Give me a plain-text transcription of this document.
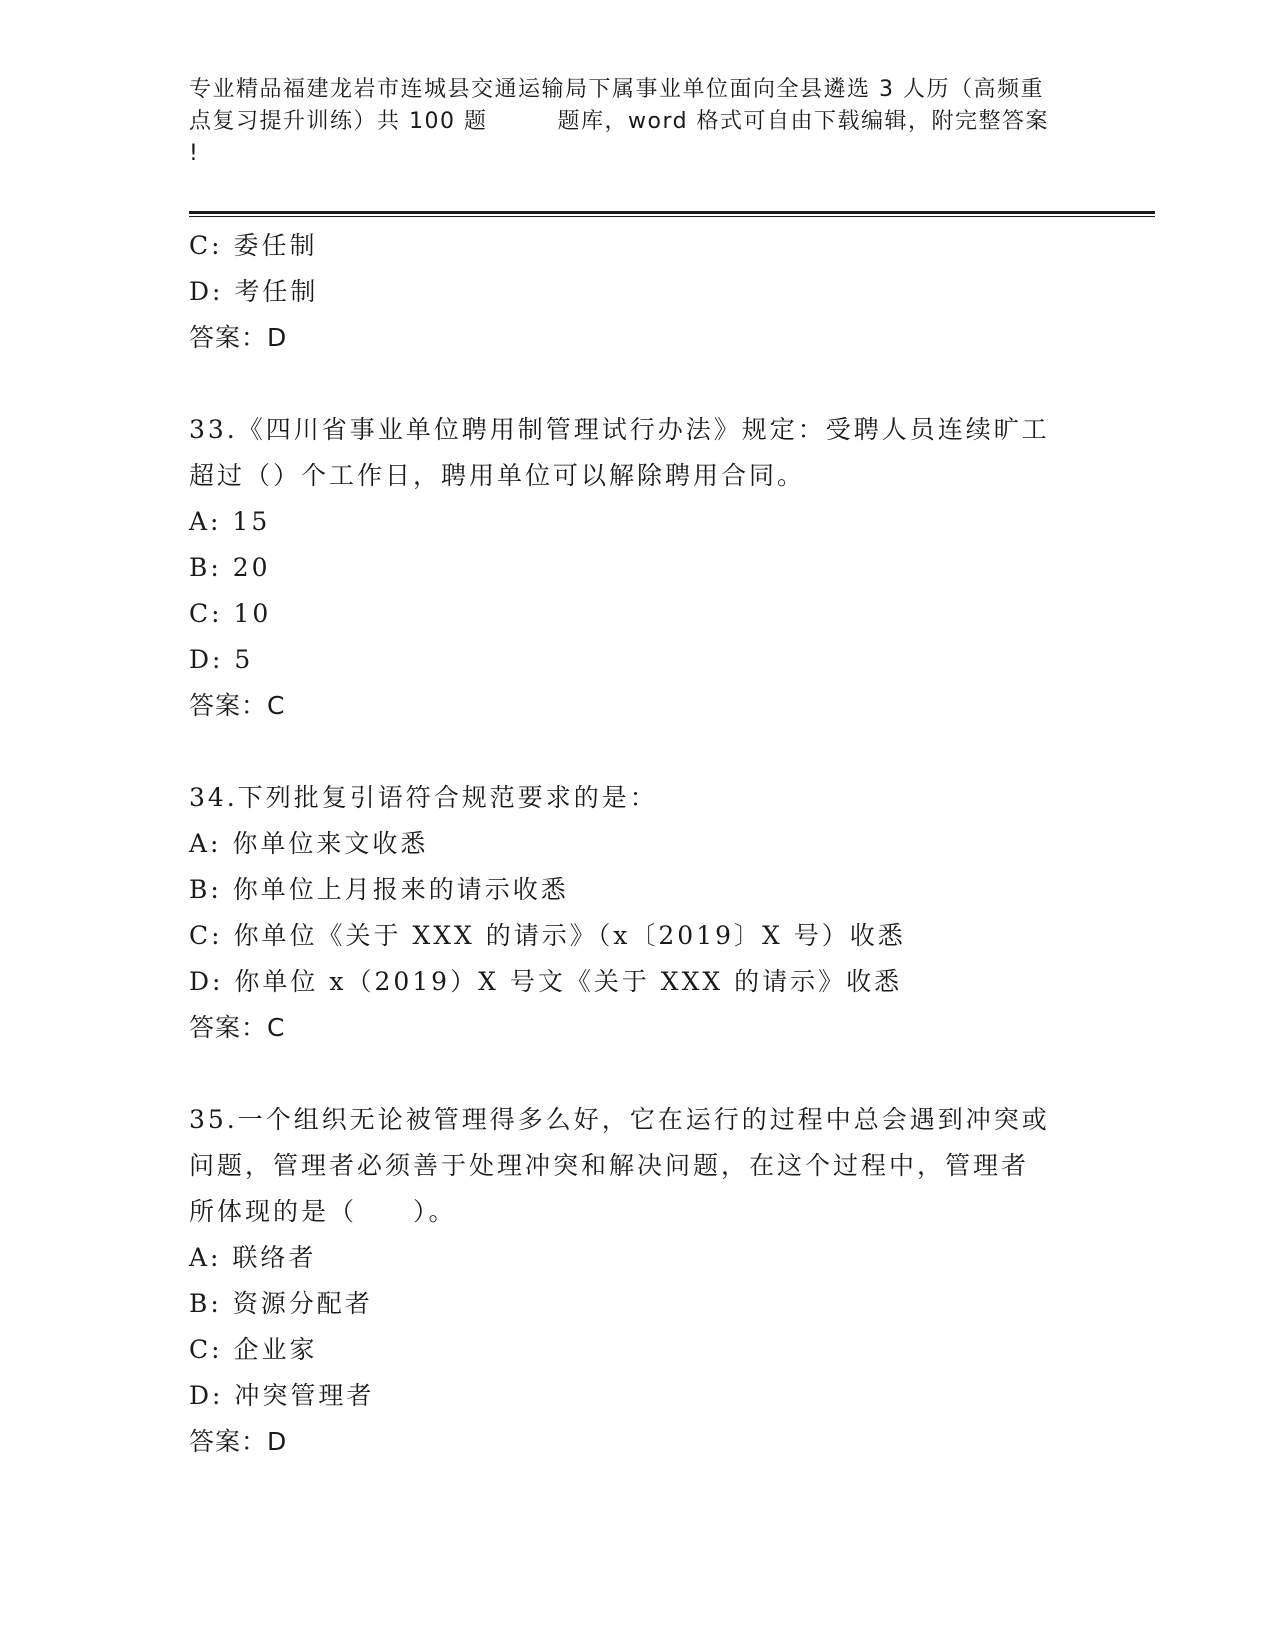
专业精品福建龙岩市连城县交通运输局下属事业单位面向全县遴选 3 人历（高频重
点复习提升训练）共 100 题	题库，word 格式可自由下载编辑，附完整答案
!
C: 委任制
D: 考任制
答案：D
33.《四川省事业单位聘用制管理试行办法》规定：受聘人员连续旷工
超过（）个工作日，聘用单位可以解除聘用合同。
A: 15
B: 20
C: 10
D: 5
答案：C
34.下列批复引语符合规范要求的是：
A: 你单位来文收悉
B: 你单位上月报来的请示收悉
C: 你单位《关于 XXX 的请示》（x〔2019〕X 号）收悉
D: 你单位 x（2019）X 号文《关于 XXX 的请示》收悉
答案：C
35.一个组织无论被管理得多么好，它在运行的过程中总会遇到冲突或
问题，管理者必须善于处理冲突和解决问题，在这个过程中，管理者
所体现的是（　　）。
A: 联络者
B: 资源分配者
C: 企业家
D: 冲突管理者
答案：D
